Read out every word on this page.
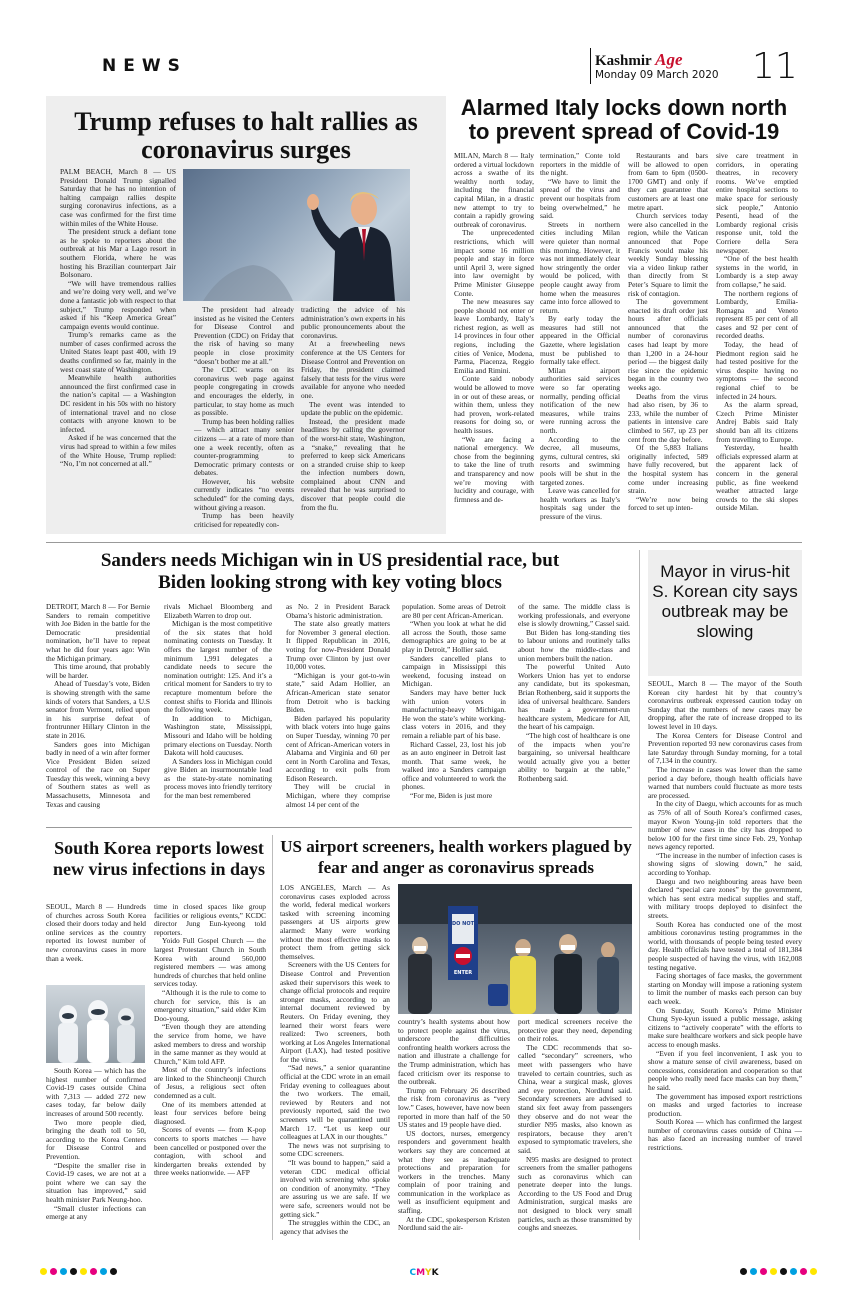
NEWS	Kashmir Age
Monday 09 March 2020 11
Trump refuses to halt rallies as coronavirus surges

PALM BEACH, March 8 — US President Donald Trump signalled Saturday that he has no intention of halting campaign rallies despite surging coronavirus infections, as a case was confirmed for the first time within miles of the White House.

The president struck a defiant tone as he spoke to reporters about the outbreak at his Mar a Lago resort in southern Florida, where he was hosting his Brazilian counterpart Jair Bolsonaro.

“We will have tremendous rallies and we’re doing very well, and we’ve done a fantastic job with respect to that subject,” Trump responded when asked if his “Keep America Great” campaign events would continue.

Trump’s remarks came as the number of cases confirmed across the United States leapt past 400, with 19 deaths confirmed so far, mainly in the west coast state of Washington.

Meanwhile health authorities announced the first confirmed case in the nation’s capital — a Washington DC resident in his 50s with no history of international travel and no close contacts with anyone known to be infected.

Asked if he was concerned that the virus had spread to within a few miles of the White House, Trump replied: “No, I’m not concerned at all.”

The president had already insisted as he visited the Centers for Disease Control and Prevention (CDC) on Friday that the risk of having so many people in close proximity “doesn’t bother me at all.”

The CDC warns on its coronavirus web page against people congregating in crowds and encourages the elderly, in particular, to stay home as much as possible.

Trump has been holding rallies — which attract many senior citizens — at a rate of more than one a week recently, often as counter-programming to Democratic primary contests or debates.

However, his website currently indicates “no events scheduled” for the coming days, without giving a reason.

Trump has been heavily criticised for repeatedly con-

tradicting the advice of his administration’s own experts in his public pronouncements about the coronavirus.

At a freewheeling news conference at the US Centers for Disease Control and Prevention on Friday, the president claimed falsely that tests for the virus were available for anyone who needed one.

The event was intended to update the public on the epidemic.

Instead, the president made headlines by calling the governor of the worst-hit state, Washington, a “snake,” revealing that he preferred to keep sick Americans on a stranded cruise ship to keep the infection numbers down, complained about CNN and revealed that he was surprised to discover that people could die from the flu.

Alarmed Italy locks down north to prevent spread of Covid-19

MILAN, March 8 — Italy ordered a virtual lockdown across a swathe of its wealthy north today, including the financial capital Milan, in a drastic new attempt to try to contain a rapidly growing outbreak of coronavirus.

The unprecedented restrictions, which will impact some 16 million people and stay in force until April 3, were signed into law overnight by Prime Minister Giuseppe Conte.

The new measures say people should not enter or leave Lombardy, Italy’s richest region, as well as 14 provinces in four other regions, including the cities of Venice, Modena, Parma, Piacenza, Reggio Emilia and Rimini.

Conte said nobody would be allowed to move in or out of these areas, or within them, unless they had proven, work-related reasons for doing so, or health issues.

“We are facing a national emergency. We chose from the beginning to take the line of truth and transparency and now we’re moving with lucidity and courage, with firmness and de-

termination,” Conte told reporters in the middle of the night.

“We have to limit the spread of the virus and prevent our hospitals from being overwhelmed,” he said.

Streets in northern cities including Milan were quieter than normal this morning. However, it was not immediately clear how stringently the order would be policed, with people caught away from home when the measures came into force allowed to return.

By early today the measures had still not appeared in the Official Gazette, where legislation must be published to formally take effect.

Milan airport authorities said services were so far operating normally, pending official notification of the new measures, while trains were running across the north.

According to the decree, all museums, gyms, cultural centres, ski resorts and swimming pools will be shut in the targeted zones.

Leave was cancelled for health workers as Italy’s hospitals sag under the pressure of the virus.

Restaurants and bars will be allowed to open from 6am to 6pm (0500-1700 GMT) and only if they can guarantee that customers are at least one metre apart.

Church services today were also cancelled in the region, while the Vatican announced that Pope Francis would make his weekly Sunday blessing via a video linkup rather than directly from St Peter’s Square to limit the risk of contagion.

The government enacted its draft order just hours after officials announced that the number of coronavirus cases had leapt by more than 1,200 in a 24-hour period — the biggest daily rise since the epidemic began in the country two weeks ago.

Deaths from the virus had also risen, by 36 to 233, while the number of patients in intensive care climbed to 567, up 23 per cent from the day before.

Of the 5,883 Italians originally infected, 589 have fully recovered, but the hospital system has come under increasing strain.

“We’re now being forced to set up inten-

sive care treatment in corridors, in operating theatres, in recovery rooms. We’ve emptied entire hospital sections to make space for seriously sick people,” Antonio Pesenti, head of the Lombardy regional crisis response unit, told the Corriere della Sera newspaper.

“One of the best health systems in the world, in Lombardy is a step away from collapse,” he said.

The northern regions of Lombardy, Emilia-Romagna and Veneto represent 85 per cent of all cases and 92 per cent of recorded deaths.

Today, the head of Piedmont region said he had tested positive for the virus despite having no symptoms — the second regional chief to be infected in 24 hours.

As the alarm spread, Czech Prime Minister Andrej Babis said Italy should ban all its citizens from travelling to Europe.

Yesterday, health officials expressed alarm at the apparent lack of concern in the general public, as fine weekend weather attracted large crowds to the ski slopes outside Milan.

Sanders needs Michigan win in US presidential race, but Biden looking strong with key voting blocs

DETROIT, March 8 — For Bernie Sanders to remain competitive with Joe Biden in the battle for the Democratic presidential nomination, he’ll have to repeat what he did four years ago: Win the Michigan primary.

This time around, that probably will be harder.

Ahead of Tuesday’s vote, Biden is showing strength with the same kinds of voters that Sanders, a U.S senator from Vermont, relied upon in his surprise defeat of frontrunner Hillary Clinton in the state in 2016.

Sanders goes into Michigan badly in need of a win after former Vice President Biden seized control of the race on Super Tuesday this week, winning a bevy of Southern states as well as Massachusetts, Minnesota and Texas and causing

rivals Michael Bloomberg and Elizabeth Warren to drop out.

Michigan is the most competitive of the six states that hold nominating contests on Tuesday. It offers the largest number of the minimum 1,991 delegates a candidate needs to secure the nomination outright: 125. And it’s a critical moment for Sanders to try to recapture momentum before the contest shifts to Florida and Illinois the following week.

In addition to Michigan, Washington state, Mississippi, Missouri and Idaho will be holding primary elections on Tuesday. North Dakota will hold caucuses.

A Sanders loss in Michigan could give Biden an insurmountable lead as the state-by-state nominating process moves into friendly territory for the man best remembered

as No. 2 in President Barack Obama’s historic administration.

The state also greatly matters for November 3 general election. It flipped Republican in 2016, voting for now-President Donald Trump over Clinton by just over 10,000 votes.

“Michigan is your got-to-win state,” said Adam Hollier, an African-American state senator from Detroit who is backing Biden.

Biden parlayed his popularity with black voters into huge gains on Super Tuesday, winning 70 per cent of African-American voters in Alabama and Virginia and 60 per cent in North Carolina and Texas, according to exit polls from Edison Research.

They will be crucial in Michigan, where they comprise almost 14 per cent of the

population. Some areas of Detroit are 80 per cent African-American.

“When you look at what he did all across the South, those same demographics are going to be at play in Detroit,” Hollier said.

Sanders cancelled plans to campaign in Mississippi this weekend, focusing instead on Michigan.

Sanders may have better luck with union voters in manufacturing-heavy Michigan. He won the state’s white working-class voters in 2016, and they remain a reliable part of his base.

Richard Cassel, 23, lost his job as an auto engineer in Detroit last month. That same week, he walked into a Sanders campaign office and volunteered to work the phones.

“For me, Biden is just more

of the same. The middle class is working professionals, and everyone else is slowly drowning,” Cassel said.

But Biden has long-standing ties to labour unions and routinely talks about how the middle-class and union members built the nation.

The powerful United Auto Workers Union has yet to endorse any candidate, but its spokesman, Brian Rothenberg, said it supports the idea of universal healthcare. Sanders has made a government-run healthcare system, Medicare for All, the heart of his campaign.

“The high cost of healthcare is one of the impacts when you’re bargaining, so universal healthcare would actually give you a better ability to bargain at the table,” Rothenberg said.

Mayor in virus-hit S. Korean city says outbreak may be slowing

SEOUL, March 8 — The mayor of the South Korean city hardest hit by that country’s coronavirus outbreak expressed caution today on Sunday that the numbers of new cases may be dropping, after the rate of increase dropped to its lowest level in 10 days.

The Korea Centers for Disease Control and Prevention reported 93 new coronavirus cases from late Saturday through Sunday morning, for a total of 7,134 in the country.

The increase in cases was lower than the same period a day before, though health officials have warned that numbers could fluctuate as more tests are processed.

In the city of Daegu, which accounts for as much as 75% of all of South Korea’s confirmed cases, mayor Kwon Young-jin told reporters that the number of new cases in the city has dropped to below 100 for the first time since Feb. 29, Yonhap news agency reported.

“The increase in the number of infection cases is showing signs of slowing down,” he said, according to Yonhap.

Daegu and two neighbouring areas have been declared “special care zones” by the government, which has sent extra medical supplies and staff, with military troops deployed to disinfect the streets.

South Korea has conducted one of the most ambitious coronavirus testing programmes in the world, with thousands of people being tested every day. Health officials have tested a total of 181,384 people suspected of having the virus, with 162,008 testing negative.

Facing shortages of face masks, the government starting on Monday will impose a rationing system to limit the number of masks each person can buy each week.

On Sunday, South Korea’s Prime Minister Chung Sye-kyun issued a public message, asking citizens to “actively cooperate” with the efforts to make sure healthcare workers and sick people have access to enough masks.

“Even if you feel inconvenient, I ask you to show a mature sense of civil awareness, based on concessions, consideration and cooperation so that people who really need face masks can buy them,” he said.

The government has imposed export restrictions on masks and urged factories to increase production.

South Korea — which has confirmed the largest number of coronavirus cases outside of China — has also faced an increasing number of travel restrictions.

South Korea reports lowest new virus infections in days

SEOUL, March 8 — Hundreds of churches across South Korea closed their doors today and held online services as the country reported its lowest number of new coronavirus cases in more than a week.

South Korea — which has the highest number of confirmed Covid-19 cases outside China with 7,313 — added 272 new cases today, far below daily increases of around 500 recently.

Two more people died, bringing the death toll to 50, according to the Korea Centers for Disease Control and Prevention.

“Despite the smaller rise in Covid-19 cases, we are not at a point where we can say the situation has improved,” said health minister Park Neung-hoo.

“Small cluster infections can emerge at any

time in closed spaces like group facilities or religious events,” KCDC director Jung Eun-kyeong told reporters.

Yoido Full Gospel Church — the largest Protestant Church in South Korea with around 560,000 registered members — was among hundreds of churches that held online services today.

“Although it is the rule to come to church for service, this is an emergency situation,” said elder Kim Doo-young.

“Even though they are attending the service from home, we have asked members to dress and worship in the same manner as they would at Church,” Kim told AFP.

Most of the country’s infections are linked to the Shincheonji Church of Jesus, a religious sect often condemned as a cult.

One of its members attended at least four services before being diagnosed.

Scores of events — from K-pop concerts to sports matches — have been cancelled or postponed over the contagion, with school and kindergarten breaks extended by three weeks nationwide. — AFP

US airport screeners, health workers plagued by fear and anger as coronavirus spreads

LOS ANGELES, March — As coronavirus cases exploded across the world, federal medical workers tasked with screening incoming passengers at US airports grew alarmed: Many were working without the most effective masks to protect them from getting sick themselves.

Screeners with the US Centers for Disease Control and Prevention asked their supervisors this week to change official protocols and require stronger masks, according to an internal document reviewed by Reuters. On Friday evening, they learned their worst fears were realized: Two screeners, both working at Los Angeles International Airport (LAX), had tested positive for the virus.

“Sad news,” a senior quarantine official at the CDC wrote in an email Friday evening to colleagues about the two workers. The email, reviewed by Reuters and not previously reported, said the two screeners will be quarantined until March 17. “Let us keep our colleagues at LAX in our thoughts.”

The news was not surprising to some CDC screeners.

“It was bound to happen,” said a veteran CDC medical official involved with screening who spoke on condition of anonymity. “They are assuring us we are safe. If we were safe, screeners would not be getting sick.”

The struggles within the CDC, an agency that advises the

DO NOT
ENTER

country’s health systems about how to protect people against the virus, underscore the difficulties confronting health workers across the nation and illustrate a challenge for the Trump administration, which has faced criticism over its response to the outbreak.

Trump on February 26 described the risk from coronavirus as “very low.” Cases, however, have now been reported in more than half of the 50 US states and 19 people have died.

US doctors, nurses, emergency responders and government health workers say they are concerned at what they see as inadequate protections and preparation for workers in the trenches. Many complain of poor training and communication in the workplace as well as insufficient equipment and staffing.

At the CDC, spokesperson Kristen Nordlund said the air-

port medical screeners receive the protective gear they need, depending on their roles.

The CDC recommends that so-called “secondary” screeners, who meet with passengers who have traveled to certain countries, such as China, wear a surgical mask, gloves and eye protection, Nordlund said. Secondary screeners are advised to stand six feet away from passengers they observe and do not wear the sturdier N95 masks, also known as respirators, because they aren’t exposed to symptomatic travelers, she said.

N95 masks are designed to protect screeners from the smaller pathogens such as coronavirus which can penetrate deeper into the lungs. According to the US Food and Drug Administration, surgical masks are not designed to block very small particles, such as those transmitted by coughs and sneezes.

CMYK
